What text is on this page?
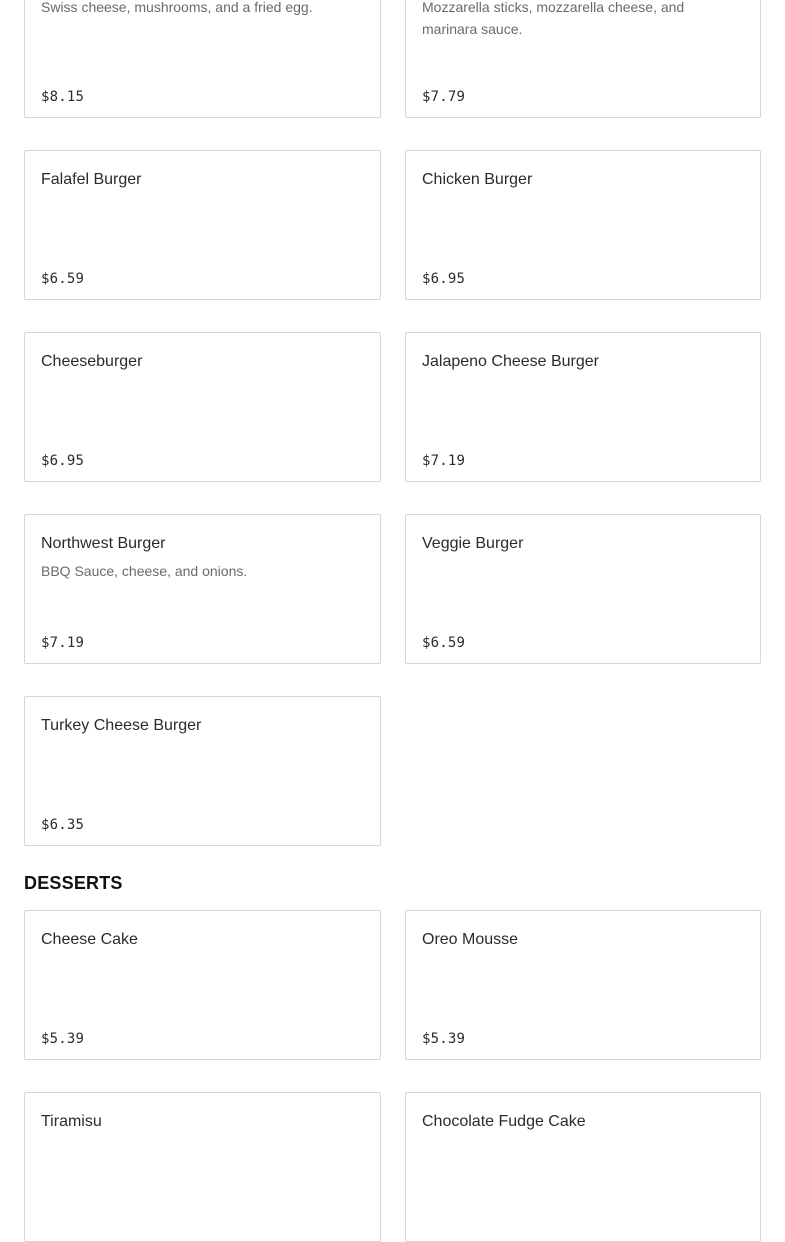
Swiss cheese, mushrooms, and a fried egg.
$8.15
Mozzarella sticks, mozzarella cheese, and marinara sauce.
$7.79
Falafel Burger
$6.59
Chicken Burger
$6.95
Cheeseburger
$6.95
Jalapeno Cheese Burger
$7.19
Northwest Burger
BBQ Sauce, cheese, and onions.
$7.19
Veggie Burger
$6.59
Turkey Cheese Burger
$6.35
DESSERTS
Cheese Cake
$5.39
Oreo Mousse
$5.39
Tiramisu	Chocolate Fudge Cake
